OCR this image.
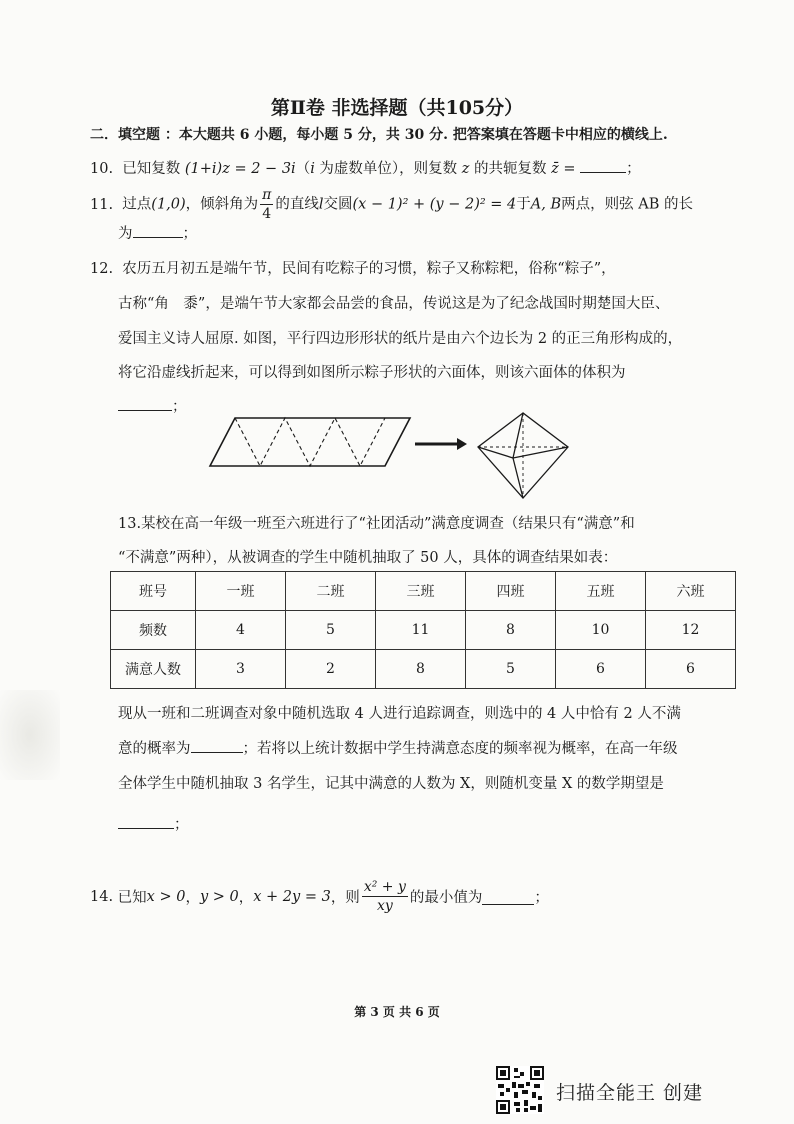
第Ⅱ卷 非选择题（共105分）
二．填空题 ：本大题共 6 小题，每小题 5 分，共 30 分. 把答案填在答题卡中相应的横线上.
10. 已知复数 (1+i)z = 2 − 3i（i 为虚数单位），则复数 z 的共轭复数 z̄ =	；
11. 过点(1,0)，倾斜角为 $\frac{\pi}{4}$ 的直线l交圆(x − 1)² + (y − 2)² = 4于A, B两点，则弦 AB 的长
为	；
12. 农历五月初五是端午节，民间有吃粽子的习惯，粽子又称粽粑，俗称“粽子”，
古称“角　黍”，是端午节大家都会品尝的食品，传说这是为了纪念战国时期楚国大臣、
爱国主义诗人屈原. 如图，平行四边形形状的纸片是由六个边长为 2 的正三角形构成的，
将它沿虚线折起来，可以得到如图所示粽子形状的六面体，则该六面体的体积为
；
13.某校在高一年级一班至六班进行了“社团活动”满意度调查（结果只有“满意”和
“不满意”两种），从被调查的学生中随机抽取了 50 人，具体的调查结果如表：
班号	一班	二班	三班	四班	五班	六班
频数	4	5	11	8	10	12
满意人数	3	2	8	5	6	6
现从一班和二班调查对象中随机选取 4 人进行追踪调查，则选中的 4 人中恰有 2 人不满
意的概率为	；若将以上统计数据中学生持满意态度的频率视为概率，在高一年级
全体学生中随机抽取 3 名学生，记其中满意的人数为 X，则随机变量 X 的数学期望是
；
14.
已知 x > 0 ， y > 0 ， x + 2y = 3 ，则 $\frac{\text{x² + y}}{xy}$ 的最小值为	；
第 3 页 共 6 页
扫描全能王 创建
